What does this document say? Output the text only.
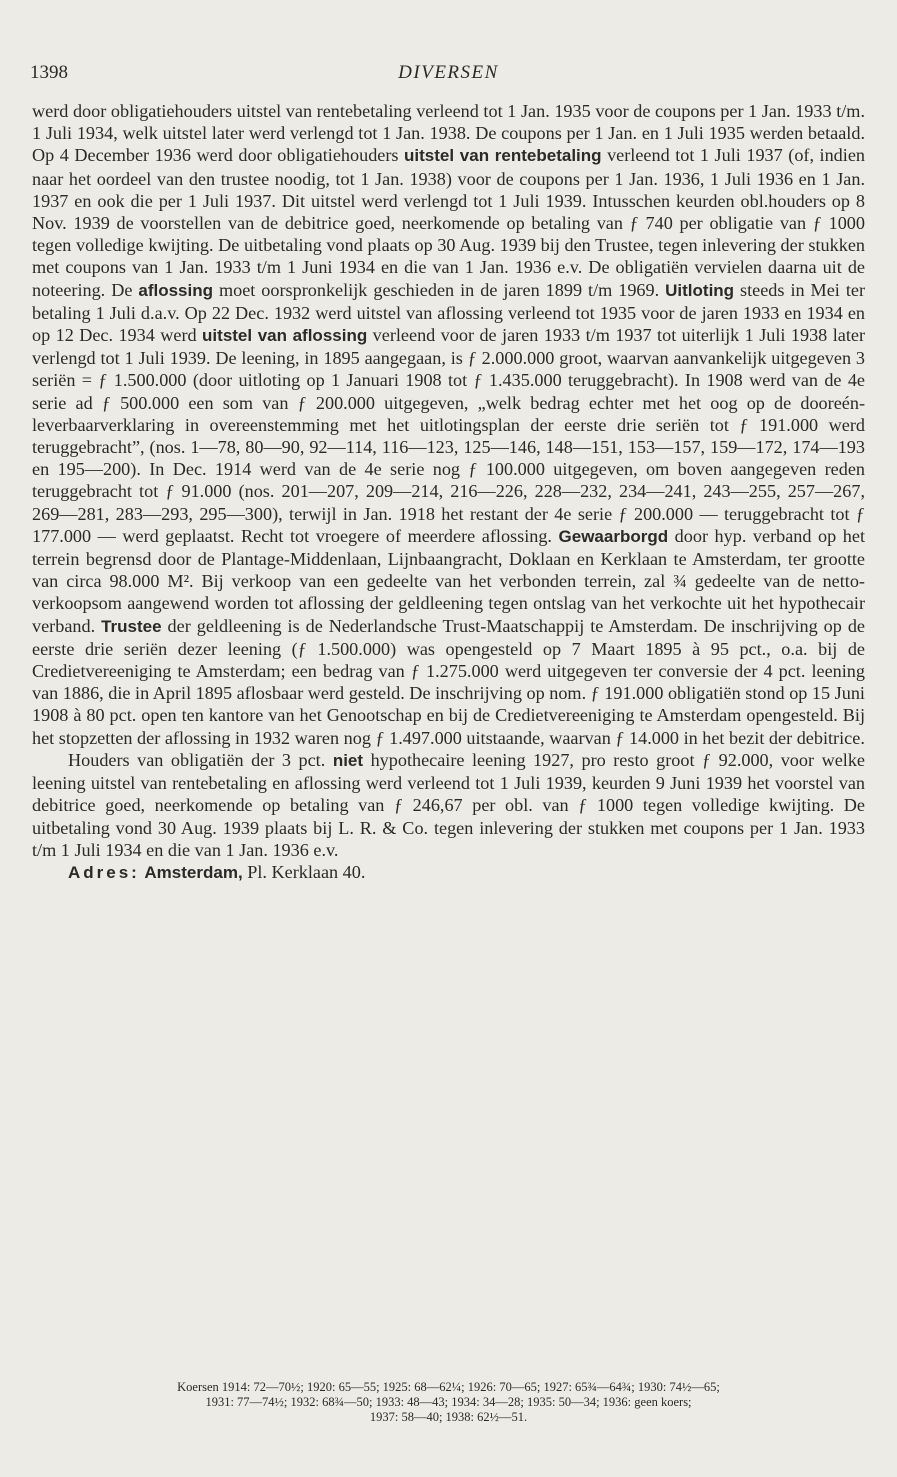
1398	DIVERSEN

werd door obligatiehouders uitstel van rentebetaling verleend tot 1 Jan. 1935 voor de coupons per 1 Jan. 1933 t/m. 1 Juli 1934, welk uitstel later werd verlengd tot 1 Jan. 1938. De coupons per 1 Jan. en 1 Juli 1935 werden betaald. Op 4 December 1936 werd door obligatiehouders uitstel van rentebetaling verleend tot 1 Juli 1937 (of, indien naar het oordeel van den trustee noodig, tot 1 Jan. 1938) voor de coupons per 1 Jan. 1936, 1 Juli 1936 en 1 Jan. 1937 en ook die per 1 Juli 1937. Dit uitstel werd verlengd tot 1 Juli 1939. Intusschen keurden obl.houders op 8 Nov. 1939 de voorstellen van de debitrice goed, neerkomende op betaling van ƒ 740 per obligatie van ƒ 1000 tegen volledige kwijting. De uitbetaling vond plaats op 30 Aug. 1939 bij den Trustee, tegen inlevering der stukken met coupons van 1 Jan. 1933 t/m 1 Juni 1934 en die van 1 Jan. 1936 e.v. De obligatiën vervielen daarna uit de noteering. De aflossing moet oorspronkelijk geschieden in de jaren 1899 t/m 1969. Uitloting steeds in Mei ter betaling 1 Juli d.a.v. Op 22 Dec. 1932 werd uitstel van aflossing verleend tot 1935 voor de jaren 1933 en 1934 en op 12 Dec. 1934 werd uitstel van aflossing verleend voor de jaren 1933 t/m 1937 tot uiterlijk 1 Juli 1938 later verlengd tot 1 Juli 1939. De leening, in 1895 aangegaan, is ƒ 2.000.000 groot, waarvan aanvankelijk uitgegeven 3 seriën = ƒ 1.500.000 (door uitloting op 1 Januari 1908 tot ƒ 1.435.000 teruggebracht). In 1908 werd van de 4e serie ad ƒ 500.000 een som van ƒ 200.000 uitgegeven, „welk bedrag echter met het oog op de dooreén-leverbaarverklaring in overeenstemming met het uitlotingsplan der eerste drie seriën tot ƒ 191.000 werd teruggebracht”, (nos. 1—78, 80—90, 92—114, 116—123, 125—146, 148—151, 153—157, 159—172, 174—193 en 195—200). In Dec. 1914 werd van de 4e serie nog ƒ 100.000 uitgegeven, om boven aangegeven reden teruggebracht tot ƒ 91.000 (nos. 201—207, 209—214, 216—226, 228—232, 234—241, 243—255, 257—267, 269—281, 283—293, 295—300), terwijl in Jan. 1918 het restant der 4e serie ƒ 200.000 — teruggebracht tot ƒ 177.000 — werd geplaatst. Recht tot vroegere of meerdere aflossing. Gewaarborgd door hyp. verband op het terrein begrensd door de Plantage-Middenlaan, Lijnbaangracht, Doklaan en Kerklaan te Amsterdam, ter grootte van circa 98.000 M². Bij verkoop van een gedeelte van het verbonden terrein, zal ¾ gedeelte van de netto-verkoopsom aangewend worden tot aflossing der geldleening tegen ontslag van het verkochte uit het hypothecair verband. Trustee der geldleening is de Nederlandsche Trust-Maatschappij te Amsterdam. De inschrijving op de eerste drie seriën dezer leening (ƒ 1.500.000) was opengesteld op 7 Maart 1895 à 95 pct., o.a. bij de Credietvereeniging te Amsterdam; een bedrag van ƒ 1.275.000 werd uitgegeven ter conversie der 4 pct. leening van 1886, die in April 1895 aflosbaar werd gesteld. De inschrijving op nom. ƒ 191.000 obligatiën stond op 15 Juni 1908 à 80 pct. open ten kantore van het Genootschap en bij de Credietvereeniging te Amsterdam opengesteld. Bij het stopzetten der aflossing in 1932 waren nog ƒ 1.497.000 uitstaande, waarvan ƒ 14.000 in het bezit der debitrice.

Houders van obligatiën der 3 pct. niet hypothecaire leening 1927, pro resto groot ƒ 92.000, voor welke leening uitstel van rentebetaling en aflossing werd verleend tot 1 Juli 1939, keurden 9 Juni 1939 het voorstel van debitrice goed, neerkomende op betaling van ƒ 246,67 per obl. van ƒ 1000 tegen volledige kwijting. De uitbetaling vond 30 Aug. 1939 plaats bij L. R. & Co. tegen inlevering der stukken met coupons per 1 Jan. 1933 t/m 1 Juli 1934 en die van 1 Jan. 1936 e.v.

Adres: Amsterdam, Pl. Kerklaan 40.

Koersen 1914: 72—70½; 1920: 65—55; 1925: 68—62¼; 1926: 70—65; 1927: 65¾—64¾; 1930: 74½—65;
1931: 77—74½; 1932: 68¾—50; 1933: 48—43; 1934: 34—28; 1935: 50—34; 1936: geen koers;
1937: 58—40; 1938: 62½—51.
